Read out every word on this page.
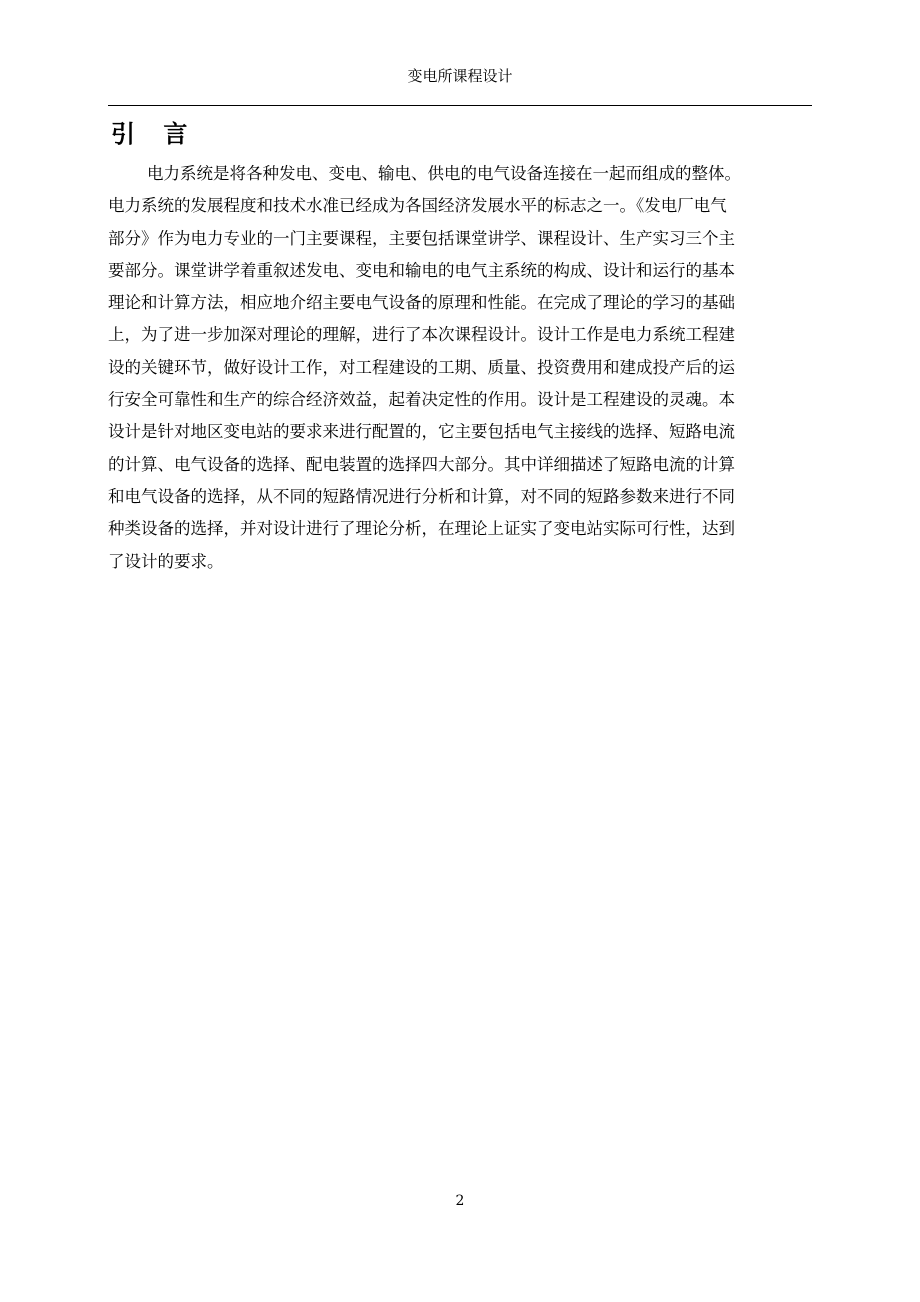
变电所课程设计
引 言
电力系统是将各种发电、变电、输电、供电的电气设备连接在一起而组成的整体。
电力系统的发展程度和技术水准已经成为各国经济发展水平的标志之一。《发电厂电气
部分》作为电力专业的一门主要课程，主要包括课堂讲学、课程设计、生产实习三个主
要部分。课堂讲学着重叙述发电、变电和输电的电气主系统的构成、设计和运行的基本
理论和计算方法，相应地介绍主要电气设备的原理和性能。在完成了理论的学习的基础
上，为了进一步加深对理论的理解，进行了本次课程设计。设计工作是电力系统工程建
设的关键环节，做好设计工作，对工程建设的工期、质量、投资费用和建成投产后的运
行安全可靠性和生产的综合经济效益，起着决定性的作用。设计是工程建设的灵魂。本
设计是针对地区变电站的要求来进行配置的，它主要包括电气主接线的选择、短路电流
的计算、电气设备的选择、配电装置的选择四大部分。其中详细描述了短路电流的计算
和电气设备的选择，从不同的短路情况进行分析和计算，对不同的短路参数来进行不同
种类设备的选择，并对设计进行了理论分析，在理论上证实了变电站实际可行性，达到
了设计的要求。
2
